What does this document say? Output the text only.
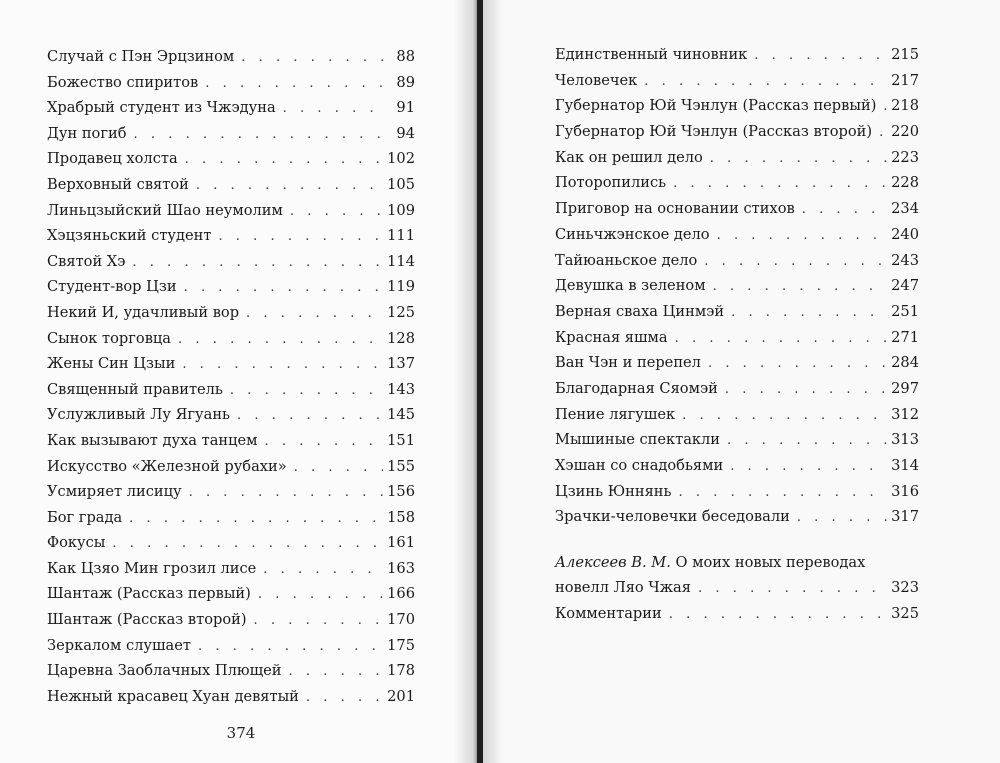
Случай с Пэн Эрцзином . . .	88
Божество спиритов . . .	89
Храбрый студент из Чжэдуна . . .	91
Дун погиб . . .	94
Продавец холста . . .	102
Верховный святой . . .	105
Линьцзыйский Шао неумолим . . .	109
Хэцзяньский студент . . .	111
Святой Хэ . . .	114
Студент-вор Цзи . . .	119
Некий И, удачливый вор . . .	125
Сынок торговца . . .	128
Жены Син Цзыи . . .	137
Священный правитель . . .	143
Услужливый Лу Ягуань . . .	145
Как вызывают духа танцем . . .	151
Искусство «Железной рубахи» . . .	155
Усмиряет лисицу . . .	156
Бог града . . .	158
Фокусы . . .	161
Как Цзяо Мин грозил лисе . . .	163
Шантаж (Рассказ первый) . . .	166
Шантаж (Рассказ второй) . . .	170
Зеркалом слушает . . .	175
Царевна Заоблачных Плющей . . .	178
Нежный красавец Хуан девятый . . .	201
Единственный чиновник . . .	215
Человечек . . .	217
Губернатор Юй Чэнлун (Рассказ первый) . . . 218
Губернатор Юй Чэнлун (Рассказ второй) . . . 220
Как он решил дело . . .	223
Поторопились . . .	228
Приговор на основании стихов . . .	234
Синьчжэнское дело . . .	240
Тайюаньское дело . . .	243
Девушка в зеленом . . .	247
Верная сваха Цинмэй . . .	251
Красная яшма . . .	271
Ван Чэн и перепел . . .	284
Благодарная Сяомэй . . .	297
Пение лягушек . . .	312
Мышиные спектакли . . .	313
Хэшан со снадобьями . . .	314
Цзинь Юннянь . . .	316
Зрачки-человечки беседовали . . .	317
Алексеев В. М. О моих новых переводах
новелл Ляо Чжая . . .	323
Комментарии . . .	325
374
